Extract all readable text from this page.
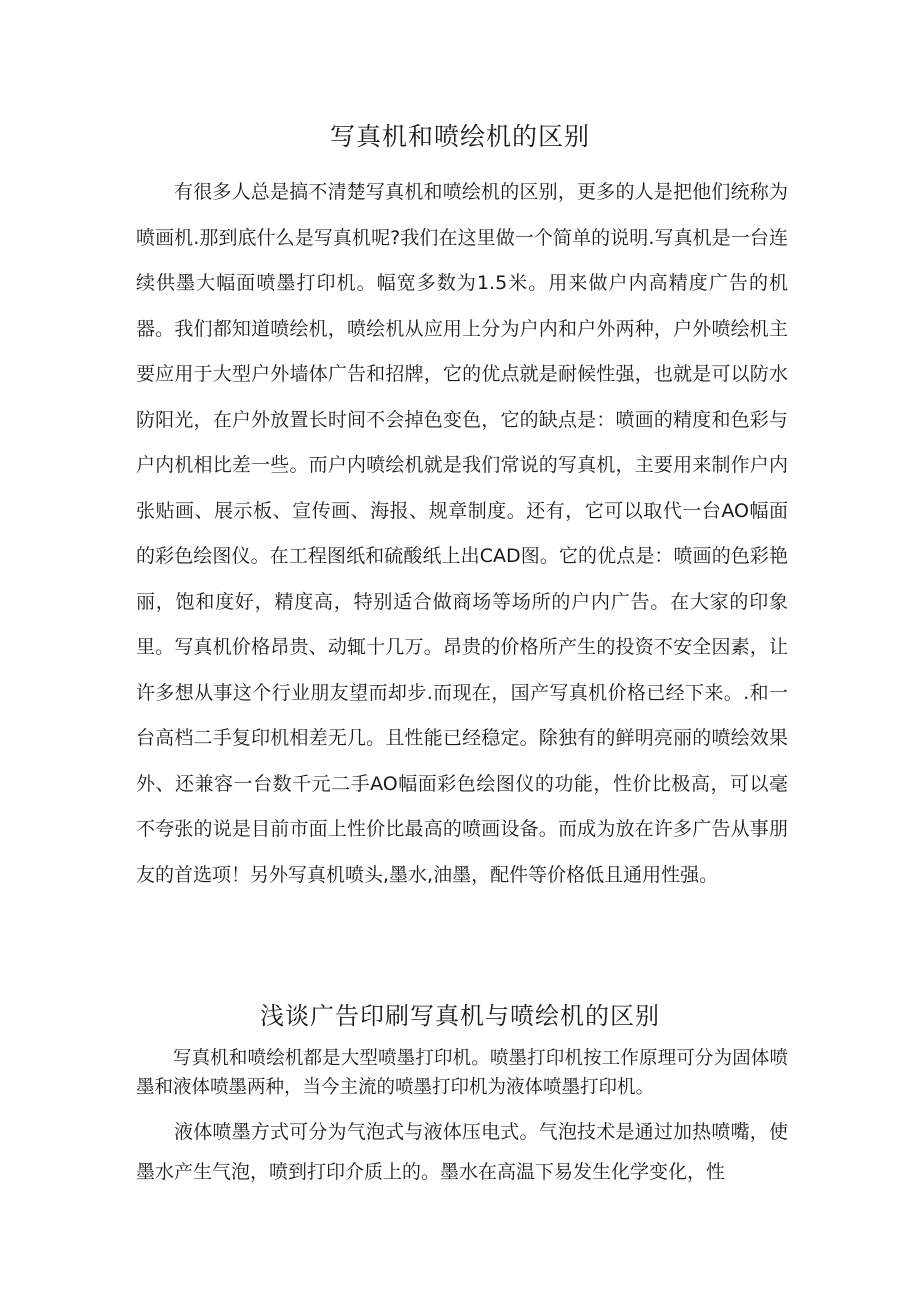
写真机和喷绘机的区别

有很多人总是搞不清楚写真机和喷绘机的区别，更多的人是把他们统称为喷画机.那到底什么是写真机呢?我们在这里做一个简单的说明.写真机是一台连续供墨大幅面喷墨打印机。幅宽多数为1.5米。用来做户内高精度广告的机器。我们都知道喷绘机，喷绘机从应用上分为户内和户外两种，户外喷绘机主要应用于大型户外墙体广告和招牌，它的优点就是耐候性强，也就是可以防水防阳光，在户外放置长时间不会掉色变色，它的缺点是：喷画的精度和色彩与户内机相比差一些。而户内喷绘机就是我们常说的写真机，主要用来制作户内张贴画、展示板、宣传画、海报、规章制度。还有，它可以取代一台AO幅面的彩色绘图仪。在工程图纸和硫酸纸上出CAD图。它的优点是：喷画的色彩艳丽，饱和度好，精度高，特别适合做商场等场所的户内广告。在大家的印象里。写真机价格昂贵、动辄十几万。昂贵的价格所产生的投资不安全因素，让许多想从事这个行业朋友望而却步.而现在，国产写真机价格已经下来。.和一台高档二手复印机相差无几。且性能已经稳定。除独有的鲜明亮丽的喷绘效果外、还兼容一台数千元二手AO幅面彩色绘图仪的功能，性价比极高，可以毫不夸张的说是目前市面上性价比最高的喷画设备。而成为放在许多广告从事朋友的首选项！另外写真机喷头,墨水,油墨，配件等价格低且通用性强。

浅谈广告印刷写真机与喷绘机的区别

写真机和喷绘机都是大型喷墨打印机。喷墨打印机按工作原理可分为固体喷墨和液体喷墨两种，当今主流的喷墨打印机为液体喷墨打印机。

液体喷墨方式可分为气泡式与液体压电式。气泡技术是通过加热喷嘴，使墨水产生气泡，喷到打印介质上的。墨水在高温下易发生化学变化，性
